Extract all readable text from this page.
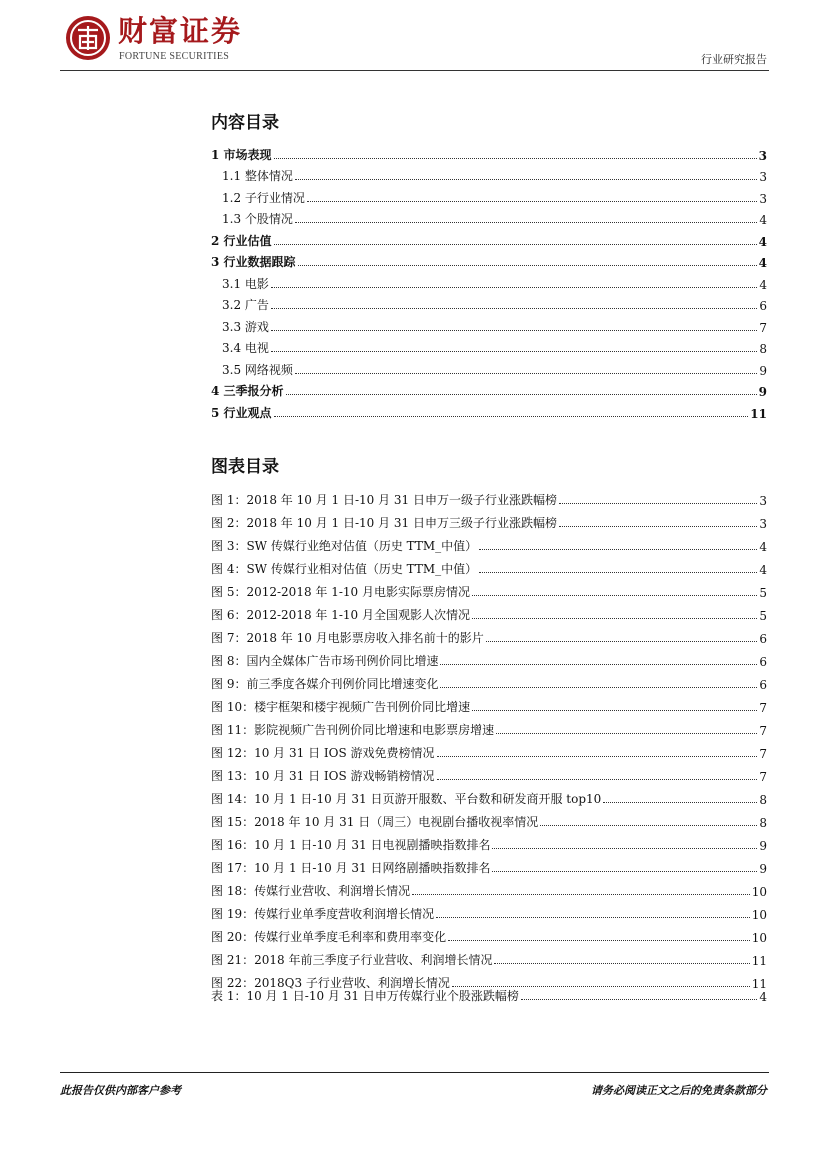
财富证券
FORTUNE SECURITIES	行业研究报告
内容目录
1 市场表现	3
1.1 整体情况	3
1.2 子行业情况	3
1.3 个股情况	4
2 行业估值	4
3 行业数据跟踪	4
3.1 电影	4
3.2 广告	6
3.3 游戏	7
3.4 电视	8
3.5 网络视频	9
4 三季报分析	9
5 行业观点	11
图表目录
图 1：2018 年 10 月 1 日-10 月 31 日申万一级子行业涨跌幅榜	3
图 2：2018 年 10 月 1 日-10 月 31 日申万三级子行业涨跌幅榜	3
图 3：SW 传媒行业绝对估值（历史 TTM_中值）	4
图 4：SW 传媒行业相对估值（历史 TTM_中值）	4
图 5：2012-2018 年 1-10 月电影实际票房情况	5
图 6：2012-2018 年 1-10 月全国观影人次情况	5
图 7：2018 年 10 月电影票房收入排名前十的影片	6
图 8：国内全媒体广告市场刊例价同比增速	6
图 9：前三季度各媒介刊例价同比增速变化	6
图 10：楼宇框架和楼宇视频广告刊例价同比增速	7
图 11：影院视频广告刊例价同比增速和电影票房增速	7
图 12：10 月 31 日 IOS 游戏免费榜情况	7
图 13：10 月 31 日 IOS 游戏畅销榜情况	7
图 14：10 月 1 日-10 月 31 日页游开服数、平台数和研发商开服 top10	8
图 15：2018 年 10 月 31 日（周三）电视剧台播收视率情况	8
图 16：10 月 1 日-10 月 31 日电视剧播映指数排名	9
图 17：10 月 1 日-10 月 31 日网络剧播映指数排名	9
图 18：传媒行业营收、利润增长情况	10
图 19：传媒行业单季度营收利润增长情况	10
图 20：传媒行业单季度毛利率和费用率变化	10
图 21：2018 年前三季度子行业营收、利润增长情况	11
图 22：2018Q3 子行业营收、利润增长情况	11
表 1：10 月 1 日-10 月 31 日申万传媒行业个股涨跌幅榜	4
此报告仅供内部客户参考	请务必阅读正文之后的免责条款部分
